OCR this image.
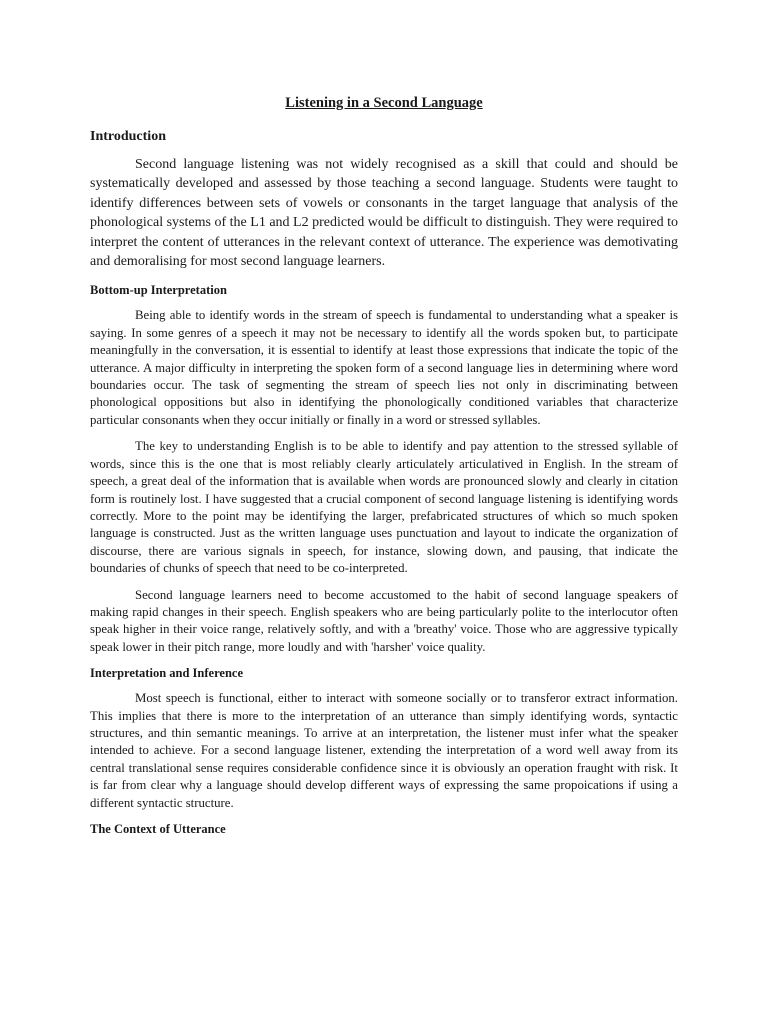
Listening in a Second Language
Introduction

Second language listening was not widely recognised as a skill that could and should be systematically developed and assessed by those teaching a second language. Students were taught to identify differences between sets of vowels or consonants in the target language that analysis of the phonological systems of the L1 and L2 predicted would be difficult to distinguish. They were required to interpret the content of utterances in the relevant context of utterance. The experience was demotivating and demoralising for most second language learners.

Bottom-up Interpretation

Being able to identify words in the stream of speech is fundamental to understanding what a speaker is saying. In some genres of a speech it may not be necessary to identify all the words spoken but, to participate meaningfully in the conversation, it is essential to identify at least those expressions that indicate the topic of the utterance. A major difficulty in interpreting the spoken form of a second language lies in determining where word boundaries occur. The task of segmenting the stream of speech lies not only in discriminating between phonological oppositions but also in identifying the phonologically conditioned variables that characterize particular consonants when they occur initially or finally in a word or stressed syllables.

The key to understanding English is to be able to identify and pay attention to the stressed syllable of words, since this is the one that is most reliably clearly articulately articulatived in English. In the stream of speech, a great deal of the information that is available when words are pronounced slowly and clearly in citation form is routinely lost. I have suggested that a crucial component of second language listening is identifying words correctly. More to the point may be identifying the larger, prefabricated structures of which so much spoken language is constructed. Just as the written language uses punctuation and layout to indicate the organization of discourse, there are various signals in speech, for instance, slowing down, and pausing, that indicate the boundaries of chunks of speech that need to be co-interpreted.

Second language learners need to become accustomed to the habit of second language speakers of making rapid changes in their speech. English speakers who are being particularly polite to the interlocutor often speak higher in their voice range, relatively softly, and with a 'breathy' voice. Those who are aggressive typically speak lower in their pitch range, more loudly and with 'harsher' voice quality.

Interpretation and Inference

Most speech is functional, either to interact with someone socially or to transferor extract information. This implies that there is more to the interpretation of an utterance than simply identifying words, syntactic structures, and thin semantic meanings. To arrive at an interpretation, the listener must infer what the speaker intended to achieve. For a second language listener, extending the interpretation of a word well away from its central translational sense requires considerable confidence since it is obviously an operation fraught with risk. It is far from clear why a language should develop different ways of expressing the same propoications if using a different syntactic structure.

The Context of Utterance
